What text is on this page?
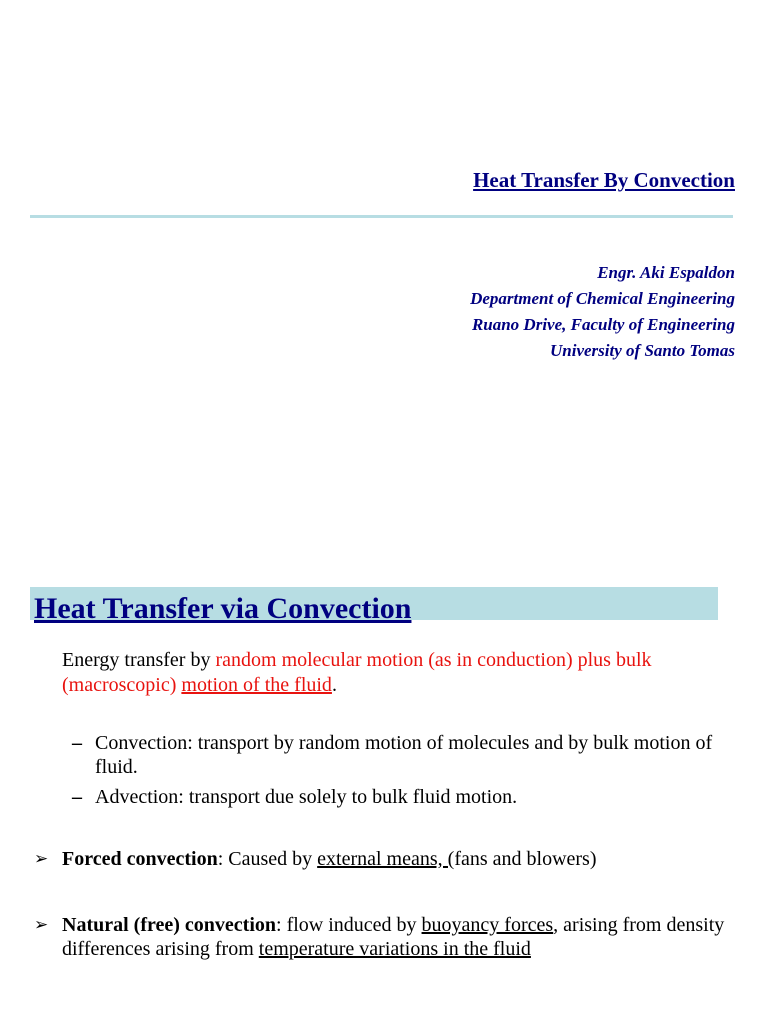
Heat Transfer By Convection
Engr. Aki Espaldon
Department of Chemical Engineering
Ruano Drive, Faculty of Engineering
University of Santo Tomas
Heat Transfer via Convection
Energy transfer by random molecular motion (as in conduction) plus bulk (macroscopic) motion of the fluid.
– Convection: transport by random motion of molecules and by bulk motion of fluid.
– Advection: transport due solely to bulk fluid motion.
➢ Forced convection: Caused by external means, (fans and blowers)
➢ Natural (free) convection: flow induced by buoyancy forces, arising from density differences arising from temperature variations in the fluid
